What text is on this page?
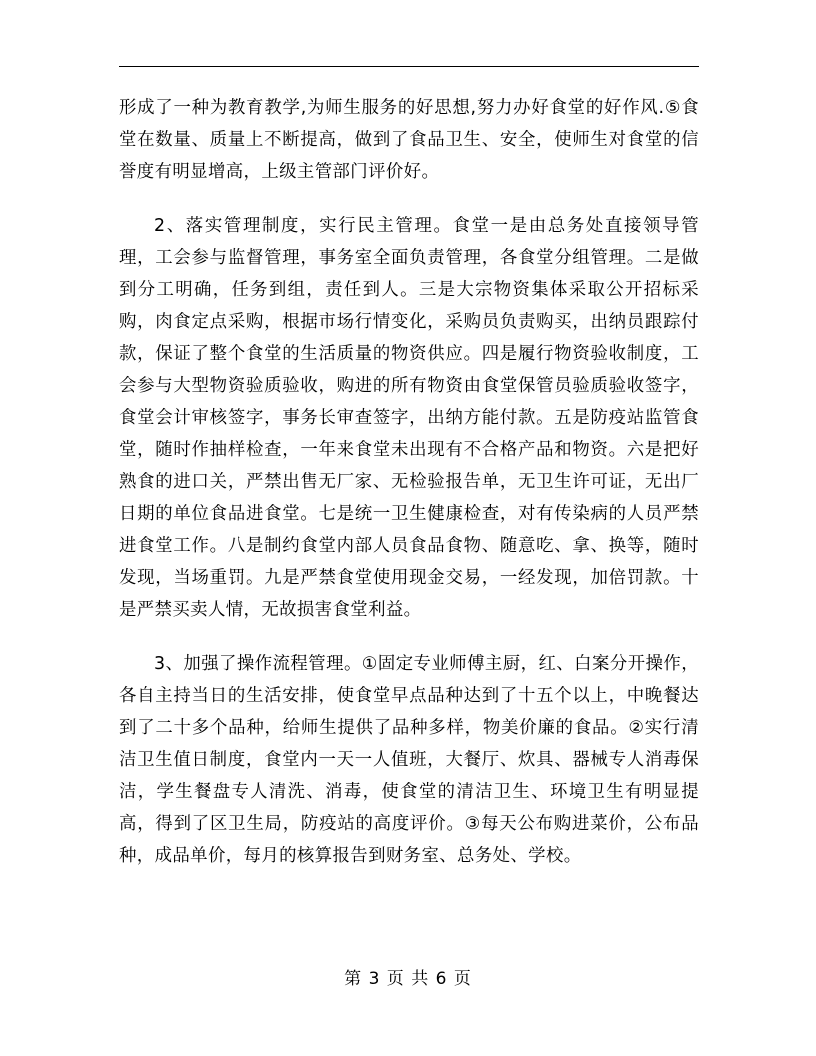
形成了一种为教育教学,为师生服务的好思想,努力办好食堂的好作风.⑤食堂在数量、质量上不断提高，做到了食品卫生、安全，使师生对食堂的信誉度有明显增高，上级主管部门评价好。

2、落实管理制度，实行民主管理。食堂一是由总务处直接领导管理，工会参与监督管理，事务室全面负责管理，各食堂分组管理。二是做到分工明确，任务到组，责任到人。三是大宗物资集体采取公开招标采购，肉食定点采购，根据市场行情变化，采购员负责购买，出纳员跟踪付款，保证了整个食堂的生活质量的物资供应。四是履行物资验收制度，工会参与大型物资验质验收，购进的所有物资由食堂保管员验质验收签字，食堂会计审核签字，事务长审查签字，出纳方能付款。五是防疫站监管食堂，随时作抽样检查，一年来食堂未出现有不合格产品和物资。六是把好熟食的进口关，严禁出售无厂家、无检验报告单，无卫生许可证，无出厂日期的单位食品进食堂。七是统一卫生健康检查，对有传染病的人员严禁进食堂工作。八是制约食堂内部人员食品食物、随意吃、拿、换等，随时发现，当场重罚。九是严禁食堂使用现金交易，一经发现，加倍罚款。十是严禁买卖人情，无故损害食堂利益。

3、加强了操作流程管理。①固定专业师傅主厨，红、白案分开操作，各自主持当日的生活安排，使食堂早点品种达到了十五个以上，中晚餐达到了二十多个品种，给师生提供了品种多样，物美价廉的食品。②实行清洁卫生值日制度，食堂内一天一人值班，大餐厅、炊具、器械专人消毒保洁，学生餐盘专人清洗、消毒，使食堂的清洁卫生、环境卫生有明显提高，得到了区卫生局，防疫站的高度评价。③每天公布购进菜价，公布品种，成品单价，每月的核算报告到财务室、总务处、学校。

第 3 页 共 6 页
